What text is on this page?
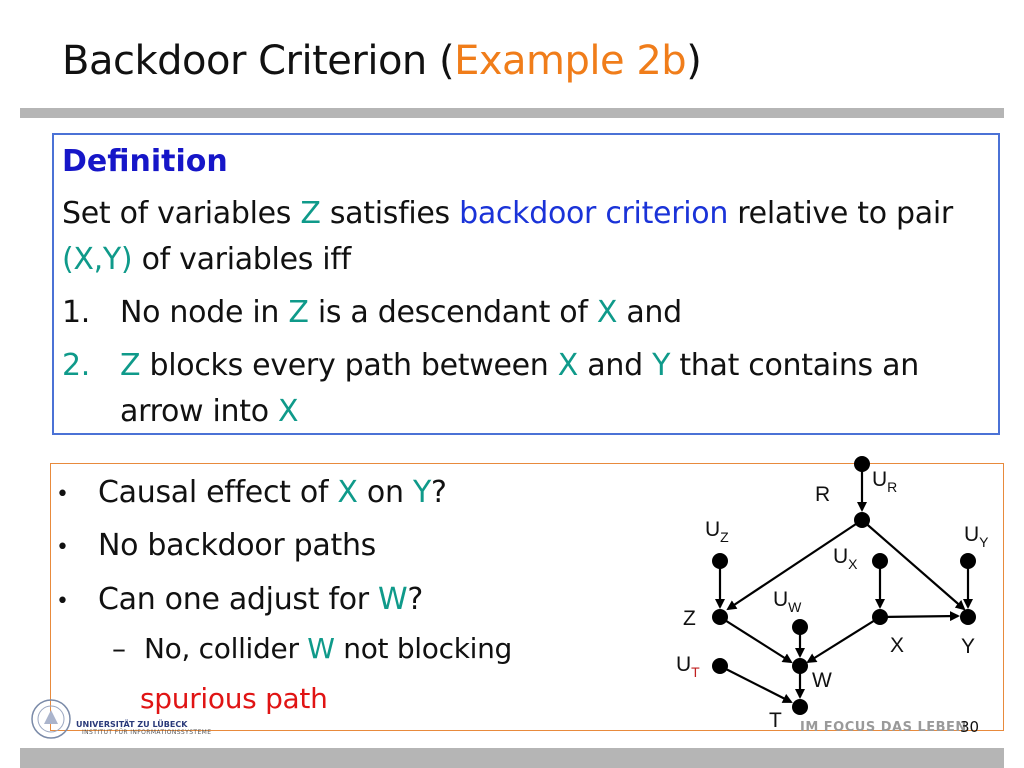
Backdoor Criterion (Example 2b)
Definition
Set of variables Z satisfies backdoor criterion relative to pair
(X,Y) of variables iff
1. No node in Z is a descendant of X and
2. Z blocks every path between X and Y that contains an
arrow into X
• Causal effect of X on Y?
• No backdoor paths
• Can one adjust for W?
– No, collider W not blocking
spurious path
R
$U_R$
$U_Z$	$U_Y$
$U_X$
$U_W$
$U_T$
Z
X	Y
W
T
UNIVERSITÄT ZU LÜBECK
INSTITUT FÜR INFORMATIONSSYSTEME	IM FOCUS DAS LEBEN
30
